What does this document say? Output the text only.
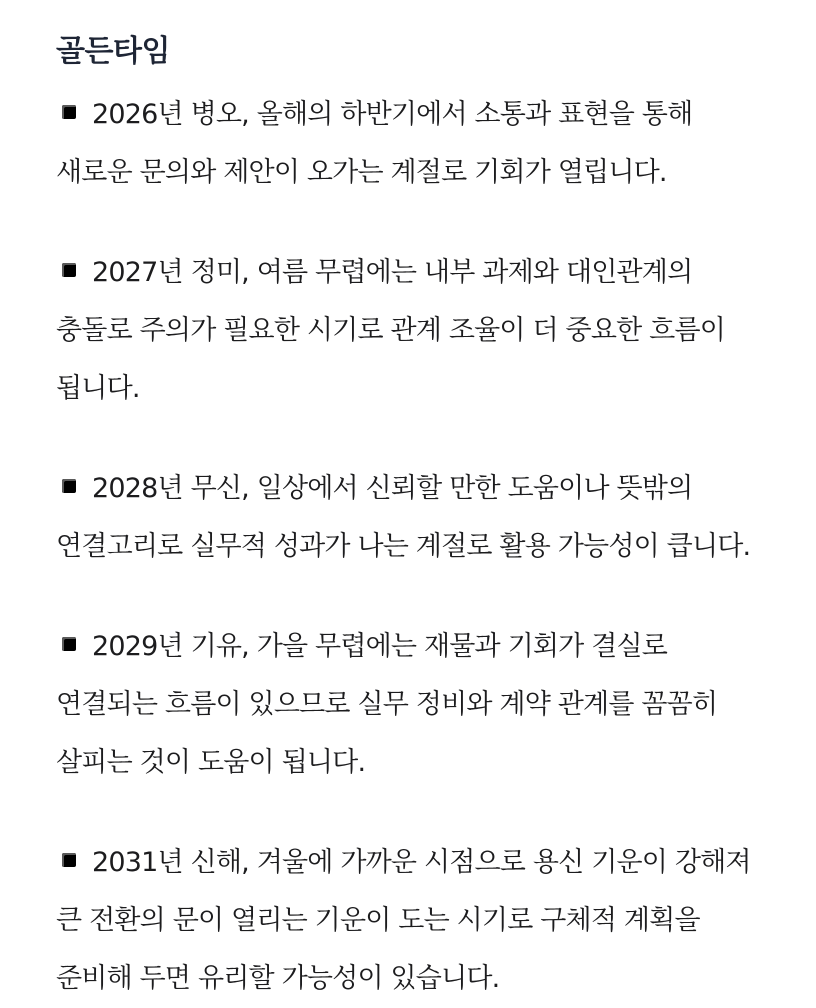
골든타임

2026년 병오, 올해의 하반기에서 소통과 표현을 통해 새로운 문의와 제안이 오가는 계절로 기회가 열립니다.

2027년 정미, 여름 무렵에는 내부 과제와 대인관계의 충돌로 주의가 필요한 시기로 관계 조율이 더 중요한 흐름이 됩니다.

2028년 무신, 일상에서 신뢰할 만한 도움이나 뜻밖의 연결고리로 실무적 성과가 나는 계절로 활용 가능성이 큽니다.

2029년 기유, 가을 무렵에는 재물과 기회가 결실로 연결되는 흐름이 있으므로 실무 정비와 계약 관계를 꼼꼼히 살피는 것이 도움이 됩니다.

2031년 신해, 겨울에 가까운 시점으로 용신 기운이 강해져 큰 전환의 문이 열리는 기운이 도는 시기로 구체적 계획을 준비해 두면 유리할 가능성이 있습니다.
